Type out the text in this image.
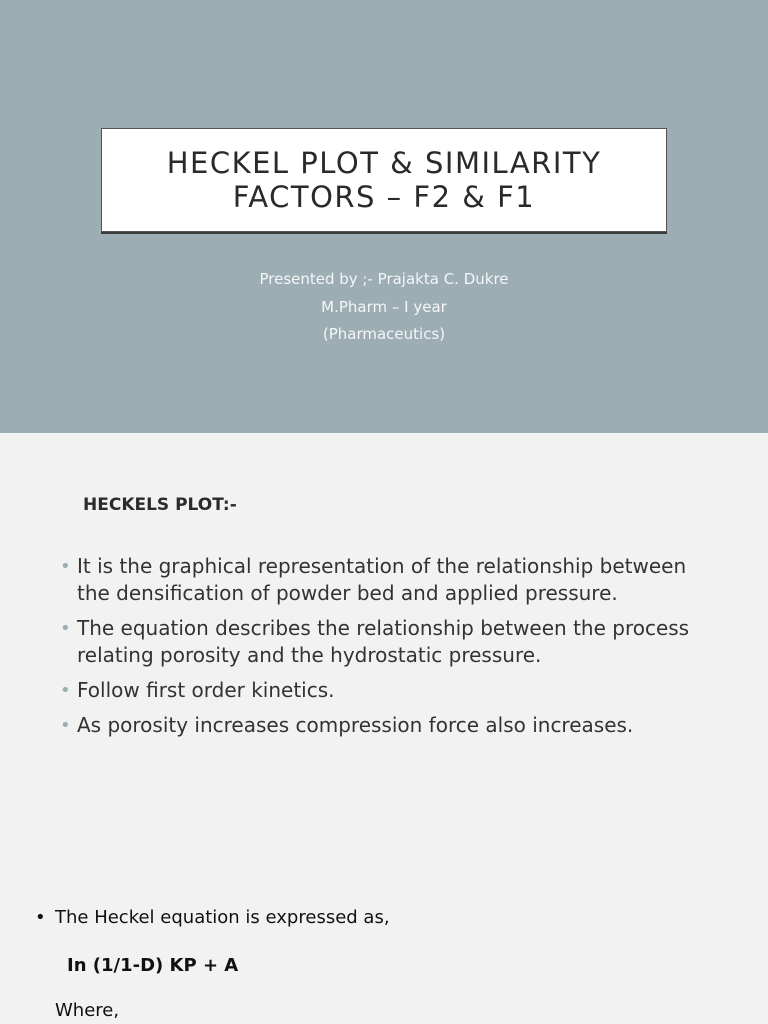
HECKEL PLOT & SIMILARITY
FACTORS – F2 & F1
Presented by ;- Prajakta C. Dukre
M.Pharm – I year
(Pharmaceutics)
HECKELS PLOT:-
• It is the graphical representation of the relationship between the densification of powder bed and applied pressure.
• The equation describes the relationship between the process relating porosity and the hydrostatic pressure.
• Follow first order kinetics.
• As porosity increases compression force also increases.
• The Heckel equation is expressed as,
In (1/1-D) KP + A
Where,
